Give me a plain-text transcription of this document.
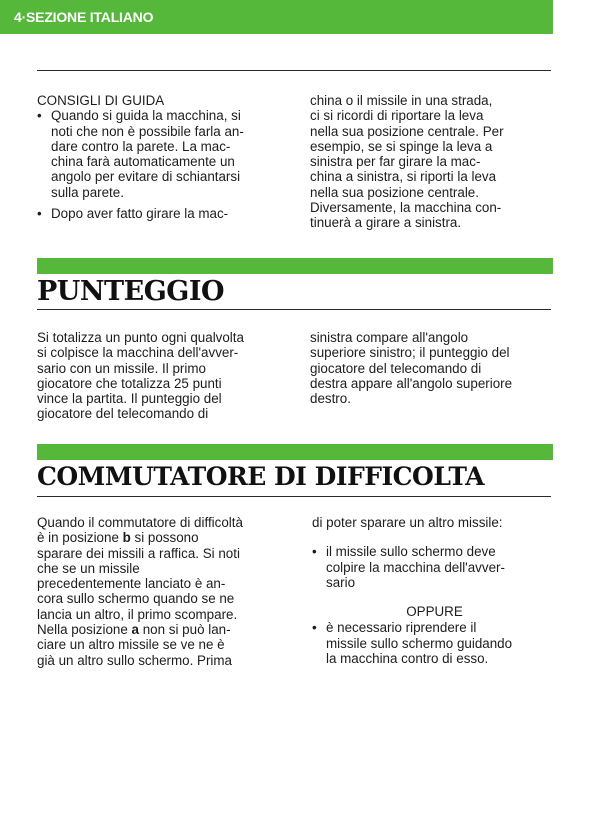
4·SEZIONE ITALIANO

CONSIGLI DI GUIDA

• Quando si guida la macchina, si
noti che non è possibile farla an-
dare contro la parete. La mac-
china farà automaticamente un
angolo per evitare di schiantarsi
sulla parete.
• Dopo aver fatto girare la mac-

china o il missile in una strada,
ci si ricordi di riportare la leva
nella sua posizione centrale. Per
esempio, se si spinge la leva a
sinistra per far girare la mac-
china a sinistra, si riporti la leva
nella sua posizione centrale.
Diversamente, la macchina con-
tinuerà a girare a sinistra.

PUNTEGGIO

Si totalizza un punto ogni qualvolta
si colpisce la macchina dell'avver-
sario con un missile. Il primo
giocatore che totalizza 25 punti
vince la partita. Il punteggio del
giocatore del telecomando di

sinistra compare all'angolo
superiore sinistro; il punteggio del
giocatore del telecomando di
destra appare all'angolo superiore
destro.

COMMUTATORE DI DIFFICOLTA

Quando il commutatore di difficoltà
è in posizione b si possono
sparare dei missili a raffica. Si noti
che se un missile
precedentemente lanciato è an-
cora sullo schermo quando se ne
lancia un altro, il primo scompare.
Nella posizione a non si può lan-
ciare un altro missile se ve ne è
già un altro sullo schermo. Prima

di poter sparare un altro missile:

• il missile sullo schermo deve
colpire la macchina dell'avver-
sario

OPPURE

• è necessario riprendere il
missile sullo schermo guidando
la macchina contro di esso.
